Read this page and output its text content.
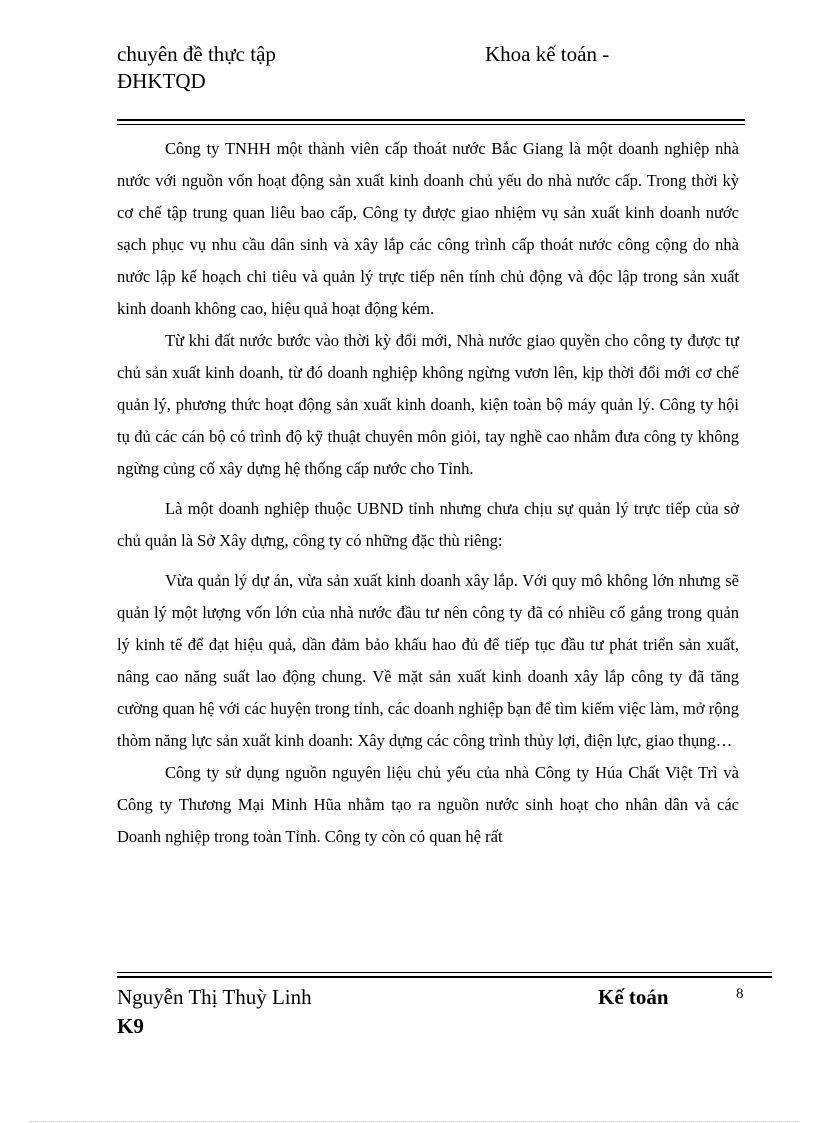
chuyên đề thực tập	Khoa kế toán -
ĐHKTQD

Công ty TNHH một thành viên cấp thoát nước Bắc Giang là một doanh nghiệp nhà nước với nguồn vốn hoạt động sản xuất kinh doanh chủ yếu do nhà nước cấp. Trong thời kỳ cơ chế tập trung quan liêu bao cấp, Công ty được giao nhiệm vụ sản xuất kinh doanh nước sạch phục vụ nhu cầu dân sinh và xây lắp các công trình cấp thoát nước công cộng do nhà nước lập kế hoạch chi tiêu và quản lý trực tiếp nên tính chủ động và độc lập trong sản xuất kinh doanh không cao, hiệu quả hoạt động kém.

Từ khi đất nước bước vào thời kỳ đổi mới, Nhà nước giao quyền cho công ty được tự chủ sản xuất kinh doanh, từ đó doanh nghiệp không ngừng vươn lên, kịp thời đổi mới cơ chế quản lý, phương thức hoạt động sản xuất kinh doanh, kiện toàn bộ máy quản lý. Công ty hội tụ đủ các cán bộ có trình độ kỹ thuật chuyên môn giỏi, tay nghề cao nhằm đưa công ty không ngừng củng cố xây dựng hệ thống cấp nước cho Tỉnh.

Là một doanh nghiệp thuộc UBND tỉnh nhưng chưa chịu sự quản lý trực tiếp của sở chủ quản là Sở Xây dựng, công ty có những đặc thù riêng:

Vừa quản lý dự án, vừa sản xuất kinh doanh xây lắp. Với quy mô không lớn nhưng sẽ quản lý một lượng vốn lớn của nhà nước đầu tư nên công ty đã có nhiều cố gắng trong quản lý kinh tế để đạt hiệu quả, dần đảm bảo khấu hao đủ để tiếp tục đầu tư phát triển sản xuất, nâng cao năng suất lao động chung. Về mặt sản xuất kinh doanh xây lắp công ty đã tăng cường quan hệ với các huyện trong tỉnh, các doanh nghiệp bạn để tìm kiếm việc làm, mở rộng thòm năng lực sản xuất kinh doanh: Xây dựng các công trình thủy lợi, điện lực, giao thụng…

Công ty sử dụng nguồn nguyên liệu chủ yếu của nhà Công ty Húa Chất Việt Trì và Công ty Thương Mại Minh Hũa nhằm tạo ra nguồn nước sinh hoạt cho nhân dân và các Doanh nghiệp trong toàn Tỉnh. Công ty còn có quan hệ rất

Nguyễn Thị Thuỳ Linh
K9
Kế toán	8
